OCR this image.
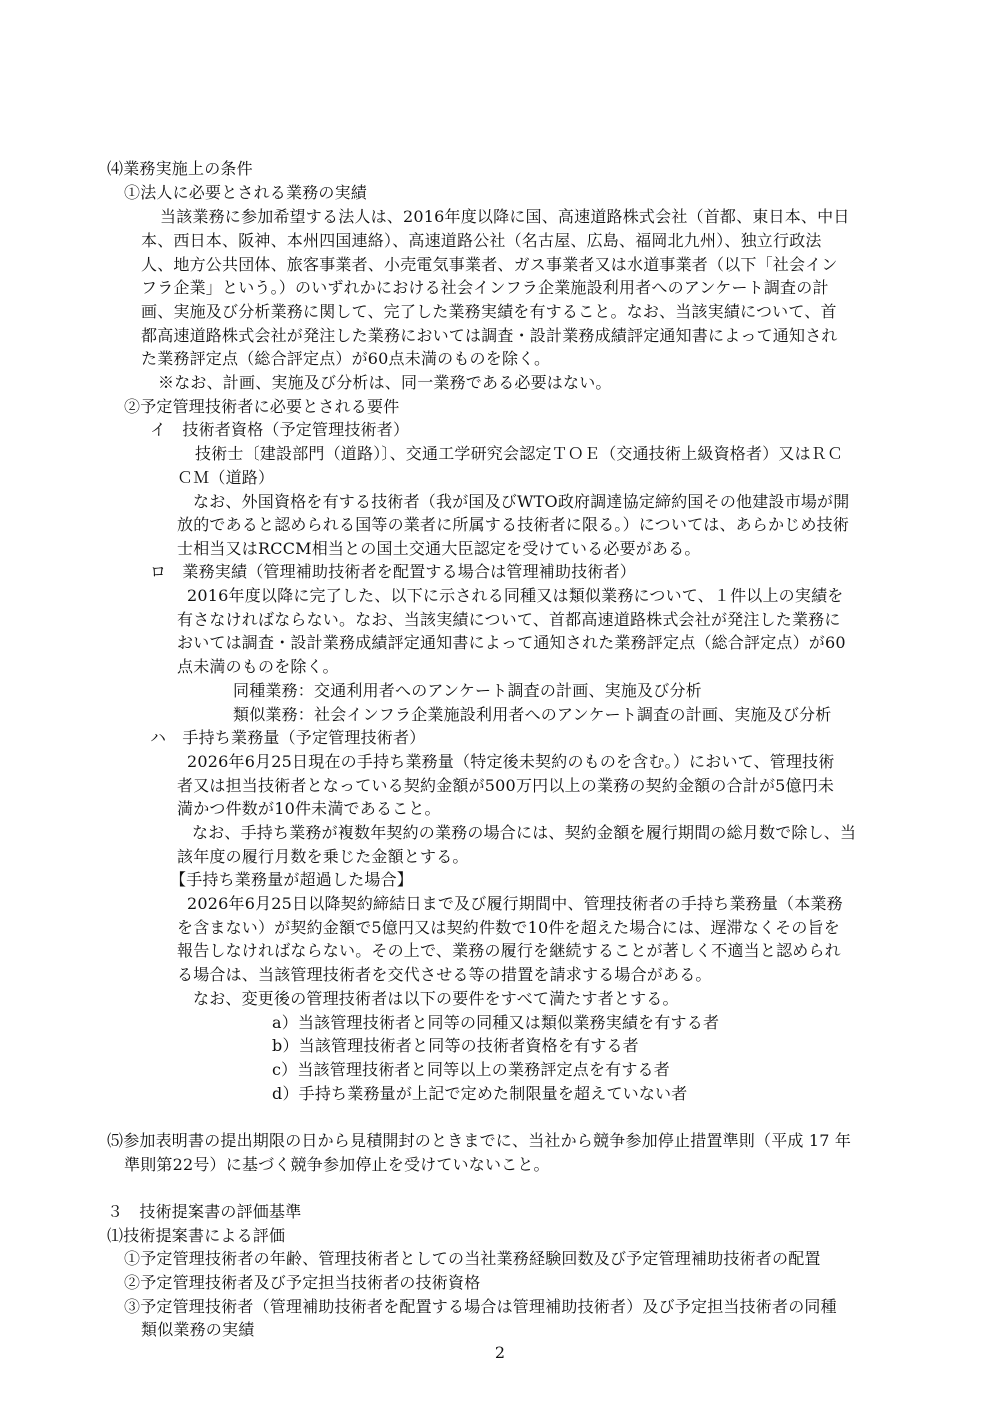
⑷業務実施上の条件
①法人に必要とされる業務の実績
当該業務に参加希望する法人は、2016年度以降に国、高速道路株式会社（首都、東日本、中日
本、西日本、阪神、本州四国連絡）、高速道路公社（名古屋、広島、福岡北九州）、独立行政法
人、地方公共団体、旅客事業者、小売電気事業者、ガス事業者又は水道事業者（以下「社会イン
フラ企業」という。）のいずれかにおける社会インフラ企業施設利用者へのアンケート調査の計
画、実施及び分析業務に関して、完了した業務実績を有すること。なお、当該実績について、首
都高速道路株式会社が発注した業務においては調査・設計業務成績評定通知書によって通知され
た業務評定点（総合評定点）が60点未満のものを除く。
※なお、計画、実施及び分析は、同一業務である必要はない。
②予定管理技術者に必要とされる要件
イ　技術者資格（予定管理技術者）
技術士〔建設部門（道路）〕、交通工学研究会認定ＴＯＥ（交通技術上級資格者）又はＲＣ
ＣＭ（道路）
なお、外国資格を有する技術者（我が国及びWTO政府調達協定締約国その他建設市場が開
放的であると認められる国等の業者に所属する技術者に限る。）については、あらかじめ技術
士相当又はRCCM相当との国土交通大臣認定を受けている必要がある。
ロ　業務実績（管理補助技術者を配置する場合は管理補助技術者）
2016年度以降に完了した、以下に示される同種又は類似業務について、１件以上の実績を
有さなければならない。なお、当該実績について、首都高速道路株式会社が発注した業務に
おいては調査・設計業務成績評定通知書によって通知された業務評定点（総合評定点）が60
点未満のものを除く。
同種業務：交通利用者へのアンケート調査の計画、実施及び分析
類似業務：社会インフラ企業施設利用者へのアンケート調査の計画、実施及び分析
ハ　手持ち業務量（予定管理技術者）
2026年6月25日現在の手持ち業務量（特定後未契約のものを含む。）において、管理技術
者又は担当技術者となっている契約金額が500万円以上の業務の契約金額の合計が5億円未
満かつ件数が10件未満であること。
なお、手持ち業務が複数年契約の業務の場合には、契約金額を履行期間の総月数で除し、当
該年度の履行月数を乗じた金額とする。
【手持ち業務量が超過した場合】
2026年6月25日以降契約締結日まで及び履行期間中、管理技術者の手持ち業務量（本業務
を含まない）が契約金額で5億円又は契約件数で10件を超えた場合には、遅滞なくその旨を
報告しなければならない。その上で、業務の履行を継続することが著しく不適当と認められ
る場合は、当該管理技術者を交代させる等の措置を請求する場合がある。
なお、変更後の管理技術者は以下の要件をすべて満たす者とする。
a）当該管理技術者と同等の同種又は類似業務実績を有する者
b）当該管理技術者と同等の技術者資格を有する者
c）当該管理技術者と同等以上の業務評定点を有する者
d）手持ち業務量が上記で定めた制限量を超えていない者
⑸参加表明書の提出期限の日から見積開封のときまでに、当社から競争参加停止措置準則（平成 17 年
準則第22号）に基づく競争参加停止を受けていないこと。
３　技術提案書の評価基準
⑴技術提案書による評価
①予定管理技術者の年齢、管理技術者としての当社業務経験回数及び予定管理補助技術者の配置
②予定管理技術者及び予定担当技術者の技術資格
③予定管理技術者（管理補助技術者を配置する場合は管理補助技術者）及び予定担当技術者の同種
類似業務の実績
2
